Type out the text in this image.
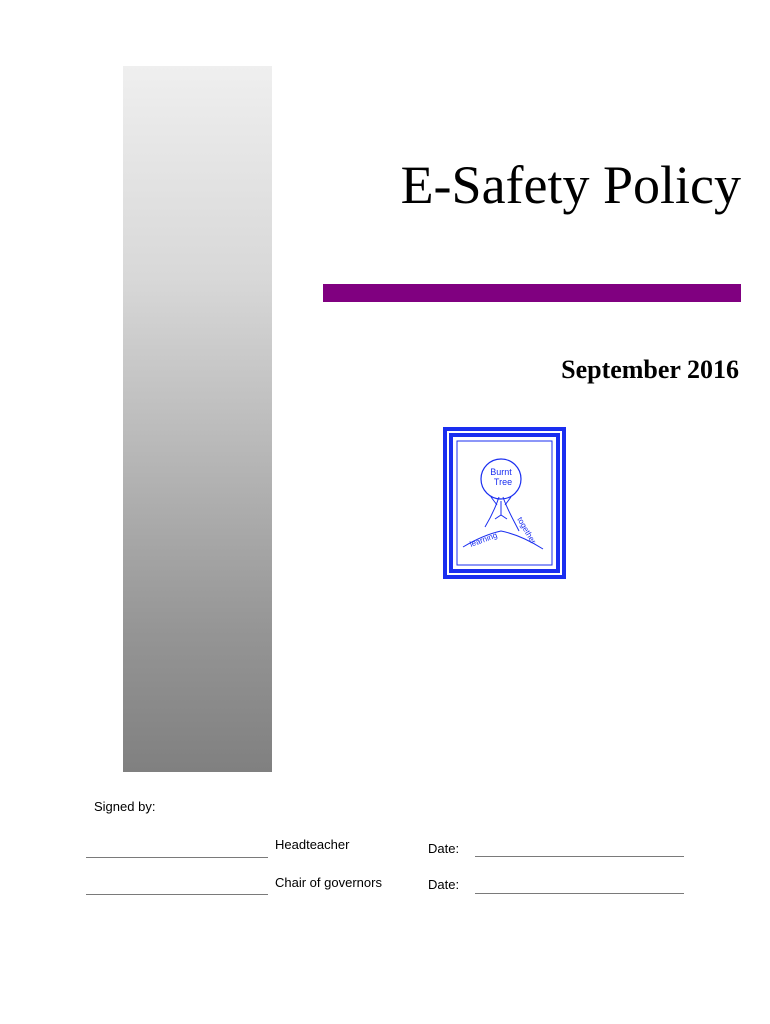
E-Safety Policy
September 2016
Burnt
Tree
learning together
Signed by:
Headteacher	Date:
Chair of governors	Date:
